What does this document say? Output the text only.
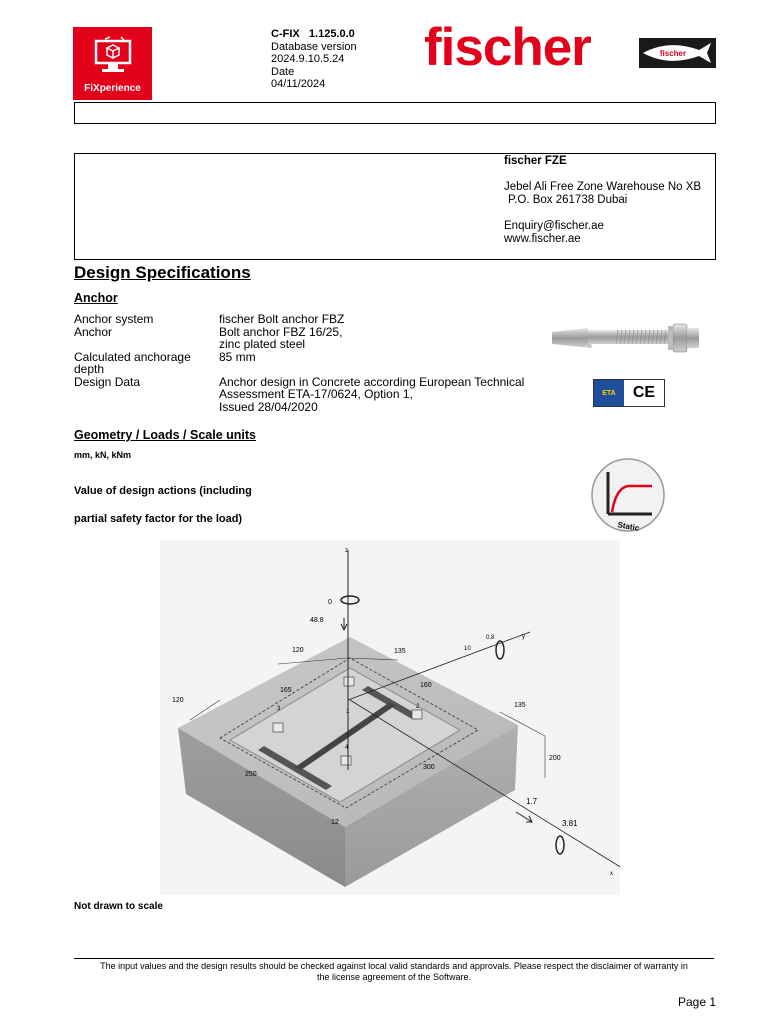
FiXperience
C-FIX 1.125.0.0
Database version
2024.9.10.5.24
Date
04/11/2024
fischer	fischer
fischer FZE
Jebel Ali Free Zone Warehouse No XB
P.O. Box 261738 Dubai
Enquiry@fischer.ae
www.fischer.ae
Design Specifications
Anchor
Anchor system	fischer Bolt anchor FBZ
Anchor	Bolt anchor FBZ 16/25,
zinc plated steel
Calculated anchorage
depth
85 mm
Design Data	Anchor design in Concrete according European Technical
Assessment ETA-17/0624, Option 1,
Issued 28/04/2020
ETA	CE
Geometry / Loads / Scale units
mm, kN, kNm
Value of design actions (including
partial safety factor for the load)
Static
z
0
48.8
y
0.8
10
x
1.7
3.81
120	135
165
160
120
135
200
250
300
12
1
2
3
4
Not drawn to scale
The input values and the design results should be checked against local valid standards and approvals. Please respect the disclaimer of warranty in
the license agreement of the Software.
Page 1
